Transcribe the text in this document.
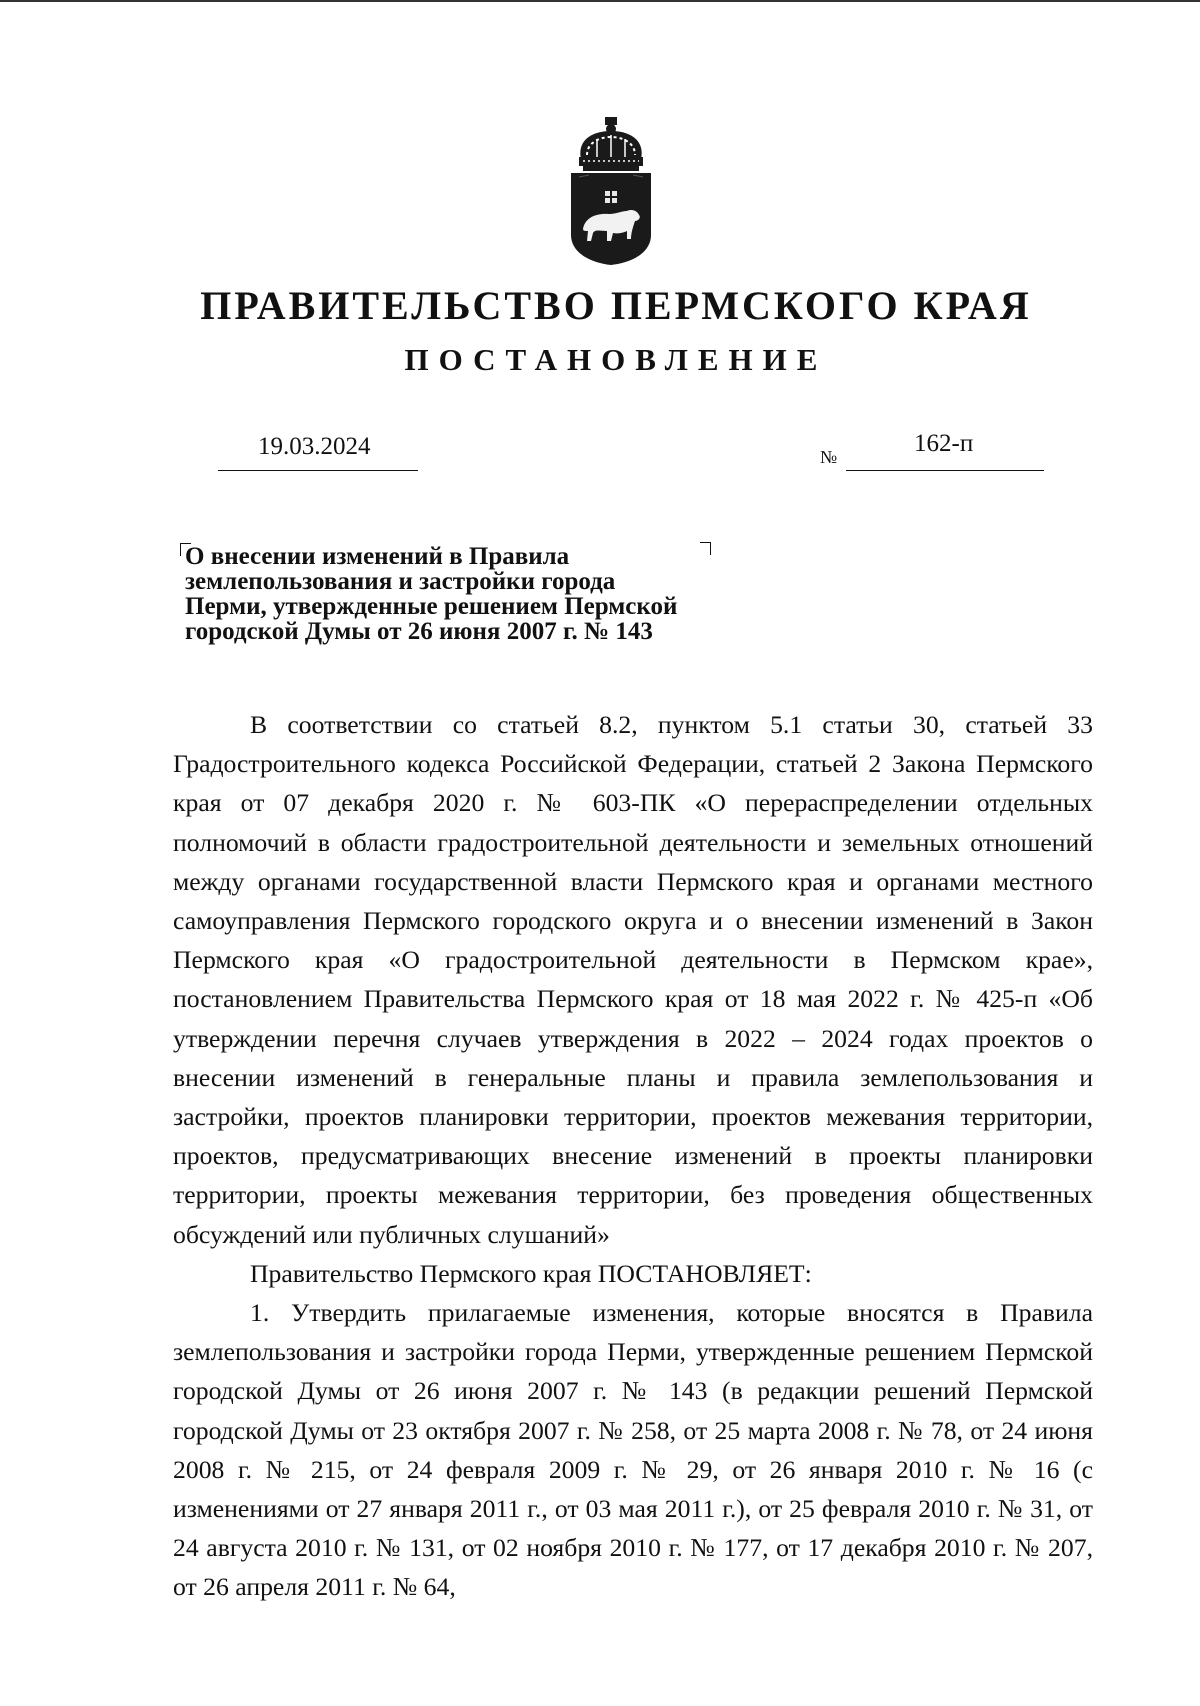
ПРАВИТЕЛЬСТВО ПЕРМСКОГО КРАЯ
ПОСТАНОВЛЕНИЕ
19.03.2024	№	162-п
О внесении изменений в Правила
землепользования и застройки города
Перми, утвержденные решением Пермской
городской Думы от 26 июня 2007 г. № 143

В соответствии со статьей 8.2, пунктом 5.1 статьи 30, статьей 33 Градостроительного кодекса Российской Федерации, статьей 2 Закона Пермского края от 07 декабря 2020 г. № 603-ПК «О перераспределении отдельных полномочий в области градостроительной деятельности и земельных отношений между органами государственной власти Пермского края и органами местного самоуправления Пермского городского округа и о внесении изменений в Закон Пермского края «О градостроительной деятельности в Пермском крае», постановлением Правительства Пермского края от 18 мая 2022 г. № 425-п «Об утверждении перечня случаев утверждения в 2022 – 2024 годах проектов о внесении изменений в генеральные планы и правила землепользования и застройки, проектов планировки территории, проектов межевания территории, проектов, предусматривающих внесение изменений в проекты планировки территории, проекты межевания территории, без проведения общественных обсуждений или публичных слушаний»

Правительство Пермского края ПОСТАНОВЛЯЕТ:

1. Утвердить прилагаемые изменения, которые вносятся в Правила землепользования и застройки города Перми, утвержденные решением Пермской городской Думы от 26 июня 2007 г. № 143 (в редакции решений Пермской городской Думы от 23 октября 2007 г. № 258, от 25 марта 2008 г. № 78, от 24 июня 2008 г. № 215, от 24 февраля 2009 г. № 29, от 26 января 2010 г. № 16 (с изменениями от 27 января 2011 г., от 03 мая 2011 г.), от 25 февраля 2010 г. № 31, от 24 августа 2010 г. № 131, от 02 ноября 2010 г. № 177, от 17 декабря 2010 г. № 207, от 26 апреля 2011 г. № 64,
